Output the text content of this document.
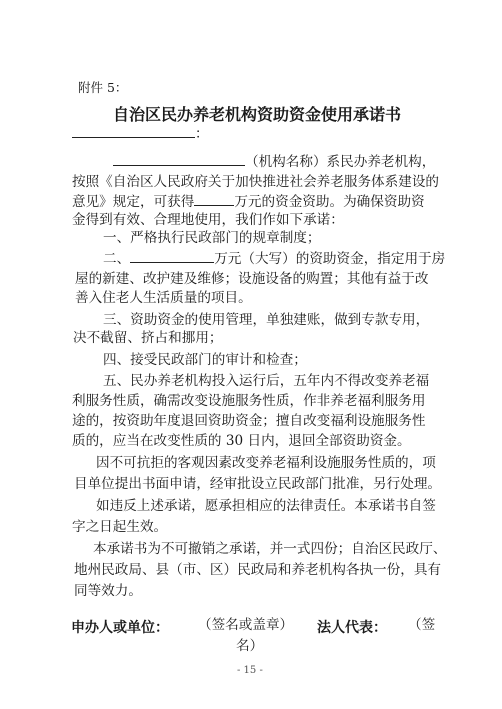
附件 5：
自治区民办养老机构资助资金使用承诺书
：
（机构名称）系民办养老机构，
按照《自治区人民政府关于加快推进社会养老服务体系建设的
意见》规定，可获得	万元的资金资助。为确保资助资
金得到有效、合理地使用，我们作如下承诺：
一、严格执行民政部门的规章制度；
二、	万元（大写）的资助资金，指定用于房
屋的新建、改护建及维修；设施设备的购置；其他有益于改
善入住老人生活质量的项目。
三、资助资金的使用管理，单独建账，做到专款专用，
决不截留、挤占和挪用；
四、接受民政部门的审计和检查；
五、民办养老机构投入运行后，五年内不得改变养老福
利服务性质，确需改变设施服务性质，作非养老福利服务用
途的，按资助年度退回资助资金；擅自改变福利设施服务性
质的，应当在改变性质的 30 日内，退回全部资助资金。
因不可抗拒的客观因素改变养老福利设施服务性质的，项
目单位提出书面申请，经审批设立民政部门批准，另行处理。
如违反上述承诺，愿承担相应的法律责任。本承诺书自签
字之日起生效。
本承诺书为不可撤销之承诺，并一式四份；自治区民政厅、
地州民政局、县（市、区）民政局和养老机构各执一份，具有
同等效力。
申办人或单位： （签名或盖章） 法人代表： （签
名）
- 15 -
